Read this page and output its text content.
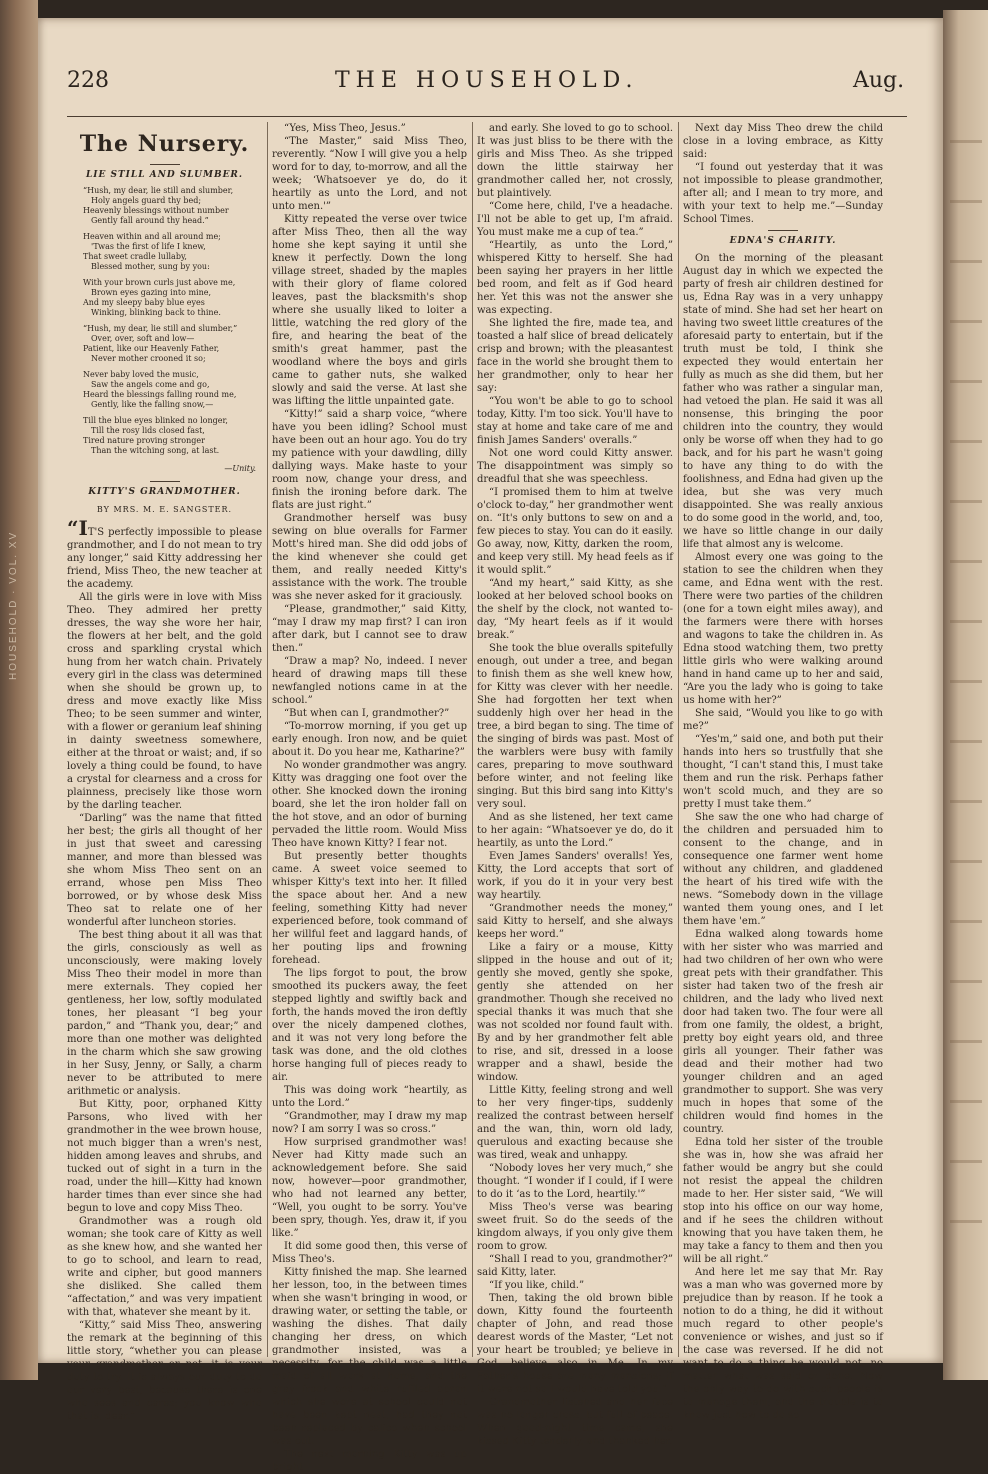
HOUSEHOLD · VOL. XV
228	THE HOUSEHOLD.	Aug.
The Nursery.
LIE STILL AND SLUMBER.
“Hush, my dear, lie still and slumber,
Holy angels guard thy bed;
Heavenly blessings without number
Gently fall around thy head.”
Heaven within and all around me;
'Twas the first of life I knew,
That sweet cradle lullaby,
Blessed mother, sung by you:
With your brown curls just above me,
Brown eyes gazing into mine,
And my sleepy baby blue eyes
Winking, blinking back to thine.
“Hush, my dear, lie still and slumber,”
Over, over, soft and low—
Patient, like our Heavenly Father,
Never mother crooned it so;
Never baby loved the music,
Saw the angels come and go,
Heard the blessings falling round me,
Gently, like the falling snow,—
Till the blue eyes blinked no longer,
Till the rosy lids closed fast,
Tired nature proving stronger
Than the witching song, at last.
—Unity.
KITTY'S GRANDMOTHER.
BY MRS. M. E. SANGSTER.

“IT'S perfectly impossible to please grandmother, and I do not mean to try any longer,” said Kitty addressing her friend, Miss Theo, the new teacher at the academy.

All the girls were in love with Miss Theo. They admired her pretty dresses, the way she wore her hair, the flowers at her belt, and the gold cross and sparkling crystal which hung from her watch chain. Privately every girl in the class was determined when she should be grown up, to dress and move exactly like Miss Theo; to be seen summer and winter, with a flower or geranium leaf shining in dainty sweetness somewhere, either at the throat or waist; and, if so lovely a thing could be found, to have a crystal for clearness and a cross for plainness, precisely like those worn by the darling teacher.

“Darling” was the name that fitted her best; the girls all thought of her in just that sweet and caressing manner, and more than blessed was she whom Miss Theo sent on an errand, whose pen Miss Theo borrowed, or by whose desk Miss Theo sat to relate one of her wonderful after luncheon stories.

The best thing about it all was that the girls, consciously as well as unconsciously, were making lovely Miss Theo their model in more than mere externals. They copied her gentleness, her low, softly modulated tones, her pleasant “I beg your pardon,” and “Thank you, dear;” and more than one mother was delighted in the charm which she saw growing in her Susy, Jenny, or Sally, a charm never to be attributed to mere arithmetic or analysis.

But Kitty, poor, orphaned Kitty Parsons, who lived with her grandmother in the wee brown house, not much bigger than a wren's nest, hidden among leaves and shrubs, and tucked out of sight in a turn in the road, under the hill—Kitty had known harder times than ever since she had begun to love and copy Miss Theo.

Grandmother was a rough old woman; she took care of Kitty as well as she knew how, and she wanted her to go to school, and learn to read, write and cipher, but good manners she disliked. She called them “affectation,” and was very impatient with that, whatever she meant by it.

“Kitty,” said Miss Theo, answering the remark at the beginning of this little story, “whether you can please your grandmother or not, it is your duty to try. It is always our duty to do our very best, because there is one who sees and cares; you know who that is, dear.”

“Yes, Miss Theo, Jesus.”

“The Master,” said Miss Theo, reverently. “Now I will give you a help word for to day, to-morrow, and all the week; ‘Whatsoever ye do, do it heartily as unto the Lord, and not unto men.'”

Kitty repeated the verse over twice after Miss Theo, then all the way home she kept saying it until she knew it perfectly. Down the long village street, shaded by the maples with their glory of flame colored leaves, past the blacksmith's shop where she usually liked to loiter a little, watching the red glory of the fire, and hearing the beat of the smith's great hammer, past the woodland where the boys and girls came to gather nuts, she walked slowly and said the verse. At last she was lifting the little unpainted gate.

“Kitty!” said a sharp voice, “where have you been idling? School must have been out an hour ago. You do try my patience with your dawdling, dilly dallying ways. Make haste to your room now, change your dress, and finish the ironing before dark. The flats are just right.”

Grandmother herself was busy sewing on blue overalls for Farmer Mott's hired man. She did odd jobs of the kind whenever she could get them, and really needed Kitty's assistance with the work. The trouble was she never asked for it graciously.

“Please, grandmother,” said Kitty, “may I draw my map first? I can iron after dark, but I cannot see to draw then.”

“Draw a map? No, indeed. I never heard of drawing maps till these newfangled notions came in at the school.”

“But when can I, grandmother?”

“To-morrow morning, if you get up early enough. Iron now, and be quiet about it. Do you hear me, Katharine?”

No wonder grandmother was angry. Kitty was dragging one foot over the other. She knocked down the ironing board, she let the iron holder fall on the hot stove, and an odor of burning pervaded the little room. Would Miss Theo have known Kitty? I fear not.

But presently better thoughts came. A sweet voice seemed to whisper Kitty's text into her. It filled the space about her. And a new feeling, something Kitty had never experienced before, took command of her willful feet and laggard hands, of her pouting lips and frowning forehead.

The lips forgot to pout, the brow smoothed its puckers away, the feet stepped lightly and swiftly back and forth, the hands moved the iron deftly over the nicely dampened clothes, and it was not very long before the task was done, and the old clothes horse hanging full of pieces ready to air.

This was doing work “heartily, as unto the Lord.”

“Grandmother, may I draw my map now? I am sorry I was so cross.”

How surprised grandmother was! Never had Kitty made such an acknowledgement before. She said now, however—poor grandmother, who had not learned any better, “Well, you ought to be sorry. You've been spry, though. Yes, draw it, if you like.”

It did some good then, this verse of Miss Theo's.

Kitty finished the map. She learned her lesson, too, in the between times when she wasn't bringing in wood, or drawing water, or setting the table, or washing the dishes. That daily changing her dress, on which grandmother insisted, was a necessity, for the child was a little maid of all work at home, and the gray frock and white ruffled apron which she wore at school could not have been kept neat, had they not been replaced by calico when school was out.

The next morning Kitty was up bright

and early. She loved to go to school. It was just bliss to be there with the girls and Miss Theo. As she tripped down the little stairway her grandmother called her, not crossly, but plaintively.

“Come here, child, I've a headache. I'll not be able to get up, I'm afraid. You must make me a cup of tea.”

“Heartily, as unto the Lord,” whispered Kitty to herself. She had been saying her prayers in her little bed room, and felt as if God heard her. Yet this was not the answer she was expecting.

She lighted the fire, made tea, and toasted a half slice of bread delicately crisp and brown; with the pleasantest face in the world she brought them to her grandmother, only to hear her say:

“You won't be able to go to school today, Kitty. I'm too sick. You'll have to stay at home and take care of me and finish James Sanders' overalls.”

Not one word could Kitty answer. The disappointment was simply so dreadful that she was speechless.

“I promised them to him at twelve o'clock to-day,” her grandmother went on. “It's only buttons to sew on and a few pieces to stay. You can do it easily. Go away, now, Kitty, darken the room, and keep very still. My head feels as if it would split.”

“And my heart,” said Kitty, as she looked at her beloved school books on the shelf by the clock, not wanted to-day, “My heart feels as if it would break.”

She took the blue overalls spitefully enough, out under a tree, and began to finish them as she well knew how, for Kitty was clever with her needle. She had forgotten her text when suddenly high over her head in the tree, a bird began to sing. The time of the singing of birds was past. Most of the warblers were busy with family cares, preparing to move southward before winter, and not feeling like singing. But this bird sang into Kitty's very soul.

And as she listened, her text came to her again: “Whatsoever ye do, do it heartily, as unto the Lord.”

Even James Sanders' overalls! Yes, Kitty, the Lord accepts that sort of work, if you do it in your very best way heartily.

“Grandmother needs the money,” said Kitty to herself, and she always keeps her word.”

Like a fairy or a mouse, Kitty slipped in the house and out of it; gently she moved, gently she spoke, gently she attended on her grandmother. Though she received no special thanks it was much that she was not scolded nor found fault with. By and by her grandmother felt able to rise, and sit, dressed in a loose wrapper and a shawl, beside the window.

Little Kitty, feeling strong and well to her very finger-tips, suddenly realized the contrast between herself and the wan, thin, worn old lady, querulous and exacting because she was tired, weak and unhappy.

“Nobody loves her very much,” she thought. “I wonder if I could, if I were to do it ‘as to the Lord, heartily.'”

Miss Theo's verse was bearing sweet fruit. So do the seeds of the kingdom always, if you only give them room to grow.

“Shall I read to you, grandmother?” said Kitty, later.

“If you like, child.”

Then, taking the old brown bible down, Kitty found the fourteenth chapter of John, and read those dearest words of the Master, “Let not your heart be troubled; ye believe in God, believe also in Me. In my Father's house are many mansions; if it were not so I would have told you.”

Grandmother listened and her face was no longer cross, but full of peace. When good-night time came, she kissed Kitty tenderly, and thanked her.

Next day Miss Theo drew the child close in a loving embrace, as Kitty said:

“I found out yesterday that it was not impossible to please grandmother, after all; and I mean to try more, and with your text to help me.”—Sunday School Times.

EDNA'S CHARITY.

On the morning of the pleasant August day in which we expected the party of fresh air children destined for us, Edna Ray was in a very unhappy state of mind. She had set her heart on having two sweet little creatures of the aforesaid party to entertain, but if the truth must be told, I think she expected they would entertain her fully as much as she did them, but her father who was rather a singular man, had vetoed the plan. He said it was all nonsense, this bringing the poor children into the country, they would only be worse off when they had to go back, and for his part he wasn't going to have any thing to do with the foolishness, and Edna had given up the idea, but she was very much disappointed. She was really anxious to do some good in the world, and, too, we have so little change in our daily life that almost any is welcome.

Almost every one was going to the station to see the children when they came, and Edna went with the rest. There were two parties of the children (one for a town eight miles away), and the farmers were there with horses and wagons to take the children in. As Edna stood watching them, two pretty little girls who were walking around hand in hand came up to her and said, “Are you the lady who is going to take us home with her?”

She said, “Would you like to go with me?”

“Yes'm,” said one, and both put their hands into hers so trustfully that she thought, “I can't stand this, I must take them and run the risk. Perhaps father won't scold much, and they are so pretty I must take them.”

She saw the one who had charge of the children and persuaded him to consent to the change, and in consequence one farmer went home without any children, and gladdened the heart of his tired wife with the news. “Somebody down in the village wanted them young ones, and I let them have 'em.”

Edna walked along towards home with her sister who was married and had two children of her own who were great pets with their grandfather. This sister had taken two of the fresh air children, and the lady who lived next door had taken two. The four were all from one family, the oldest, a bright, pretty boy eight years old, and three girls all younger. Their father was dead and their mother had two younger children and an aged grandmother to support. She was very much in hopes that some of the children would find homes in the country.

Edna told her sister of the trouble she was in, how she was afraid her father would be angry but she could not resist the appeal the children made to her. Her sister said, “We will stop into his office on our way home, and if he sees the children without knowing that you have taken them, he may take a fancy to them and then you will be all right.”

And here let me say that Mr. Ray was a man who was governed more by prejudice than by reason. If he took a notion to do a thing, he did it without much regard to other people's convenience or wishes, and just so if the case was reversed. If he did not want to do a thing he would not, no matter what was said or done. Now the only way to do with such people is to manage them, and the trouble is to know just how to do so
